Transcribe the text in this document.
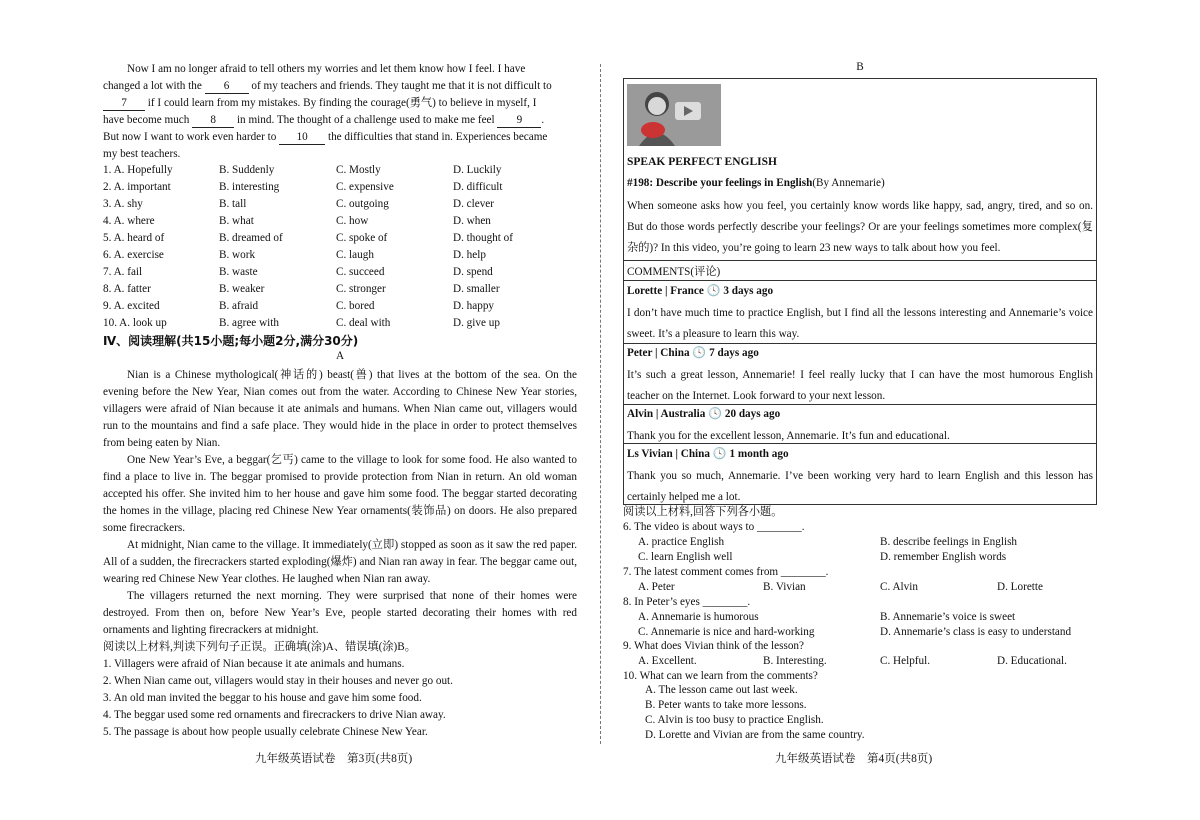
Now I am no longer afraid to tell others my worries and let them know how I feel. I have
changed a lot with the 6 of my teachers and friends. They taught me that it is not difficult to
7 if I could learn from my mistakes. By finding the courage(勇气) to believe in myself, I
have become much 8 in mind. The thought of a challenge used to make me feel 9 .
But now I want to work even harder to 10 the difficulties that stand in. Experiences became
my best teachers.
1. A. Hopefully	B. Suddenly	C. Mostly	D. Luckily
2. A. important	B. interesting	C. expensive	D. difficult
3. A. shy	B. tall	C. outgoing	D. clever
4. A. where	B. what	C. how	D. when
5. A. heard of	B. dreamed of	C. spoke of	D. thought of
6. A. exercise	B. work	C. laugh	D. help
7. A. fail	B. waste	C. succeed	D. spend
8. A. fatter	B. weaker	C. stronger	D. smaller
9. A. excited	B. afraid	C. bored	D. happy
10. A. look up	B. agree with	C. deal with	D. give up
Ⅳ、阅读理解(共15小题;每小题2分,满分30分)
A
Nian is a Chinese mythological(神话的) beast(兽) that lives at the bottom of the sea. On the evening before the New Year, Nian comes out from the water. According to Chinese New Year stories, villagers were afraid of Nian because it ate animals and humans. When Nian came out, villagers would run to the mountains and find a safe place. They would hide in the place in order to protect themselves from being eaten by Nian.
One New Year’s Eve, a beggar(乞丐) came to the village to look for some food. He also wanted to find a place to live in. The beggar promised to provide protection from Nian in return. An old woman accepted his offer. She invited him to her house and gave him some food. The beggar started decorating the homes in the village, placing red Chinese New Year ornaments(装饰品) on doors. He also prepared some firecrackers.
At midnight, Nian came to the village. It immediately(立即) stopped as soon as it saw the red paper. All of a sudden, the firecrackers started exploding(爆炸) and Nian ran away in fear. The beggar came out, wearing red Chinese New Year clothes. He laughed when Nian ran away.
The villagers returned the next morning. They were surprised that none of their homes were destroyed. From then on, before New Year’s Eve, people started decorating their homes with red ornaments and lighting firecrackers at midnight.
阅读以上材料,判读下列句子正误。正确填(涂)A、错误填(涂)B。
1. Villagers were afraid of Nian because it ate animals and humans.
2. When Nian came out, villagers would stay in their houses and never go out.
3. An old man invited the beggar to his house and gave him some food.
4. The beggar used some red ornaments and firecrackers to drive Nian away.
5. The passage is about how people usually celebrate Chinese New Year.
九年级英语试卷　第3页(共8页)
B
SPEAK PERFECT ENGLISH
#198: Describe your feelings in English(By Annemarie)
When someone asks how you feel, you certainly know words like happy, sad, angry, tired, and so on. But do those words perfectly describe your feelings? Or are your feelings sometimes more complex(复杂的)? In this video, you’re going to learn 23 new ways to talk about how you feel.
COMMENTS(评论)
Lorette | France 🕓 3 days ago
I don’t have much time to practice English, but I find all the lessons interesting and Annemarie’s voice sweet. It’s a pleasure to learn this way.
Peter | China 🕓 7 days ago
It’s such a great lesson, Annemarie! I feel really lucky that I can have the most humorous English teacher on the Internet. Look forward to your next lesson.
Alvin | Australia 🕓 20 days ago
Thank you for the excellent lesson, Annemarie. It’s fun and educational.
Ls Vivian | China 🕓 1 month ago
Thank you so much, Annemarie. I’ve been working very hard to learn English and this lesson has certainly helped me a lot.
阅读以上材料,回答下列各小题。
6. The video is about ways to ________.
A. practice English	B. describe feelings in English
C. learn English well	D. remember English words
7. The latest comment comes from ________.
A. Peter	B. Vivian	C. Alvin	D. Lorette
8. In Peter’s eyes ________.
A. Annemarie is humorous	B. Annemarie’s voice is sweet
C. Annemarie is nice and hard-working	D. Annemarie’s class is easy to understand
9. What does Vivian think of the lesson?
A. Excellent.	B. Interesting.	C. Helpful.	D. Educational.
10. What can we learn from the comments?
A. The lesson came out last week.
B. Peter wants to take more lessons.
C. Alvin is too busy to practice English.
D. Lorette and Vivian are from the same country.
九年级英语试卷　第4页(共8页)
